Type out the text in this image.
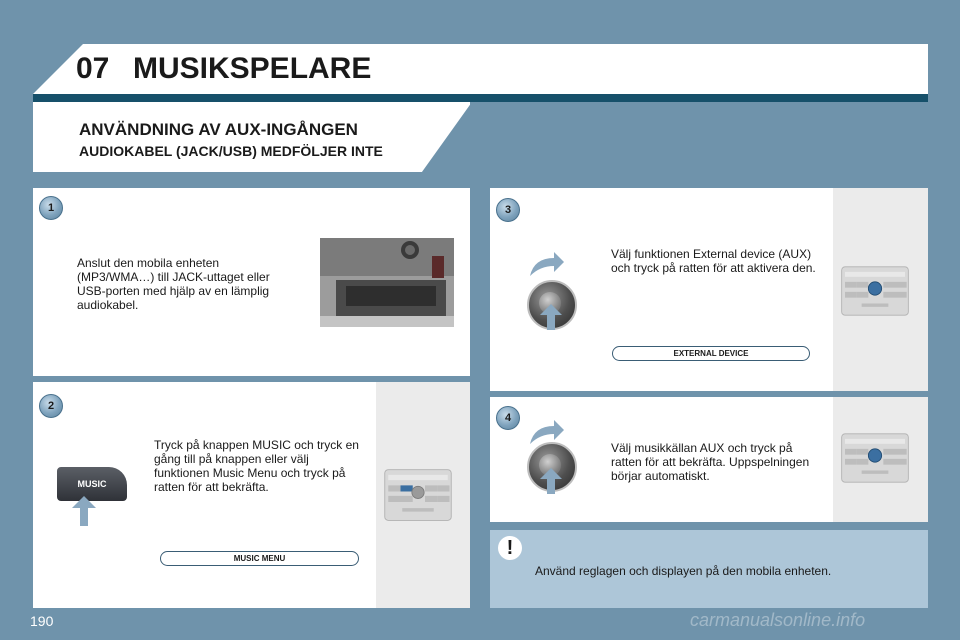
07 MUSIKSPELARE
ANVÄNDNING AV AUX-INGÅNGEN
AUDIOKABEL (JACK/USB) MEDFÖLJER INTE
1

Anslut den mobila enheten (MP3/WMA…) till JACK-uttaget eller USB-porten med hjälp av en lämplig audiokabel.

2

Tryck på knappen MUSIC och tryck en gång till på knappen eller välj funktionen Music Menu och tryck på ratten för att bekräfta.

MUSIC
MUSIC MENU
3

Välj funktionen External device (AUX) och tryck på ratten för att aktivera den.

EXTERNAL DEVICE
4

Välj musikkällan AUX och tryck på ratten för att bekräfta. Uppspelningen börjar automatiskt.

!

Använd reglagen och displayen på den mobila enheten.

190	carmanualsonline.info
